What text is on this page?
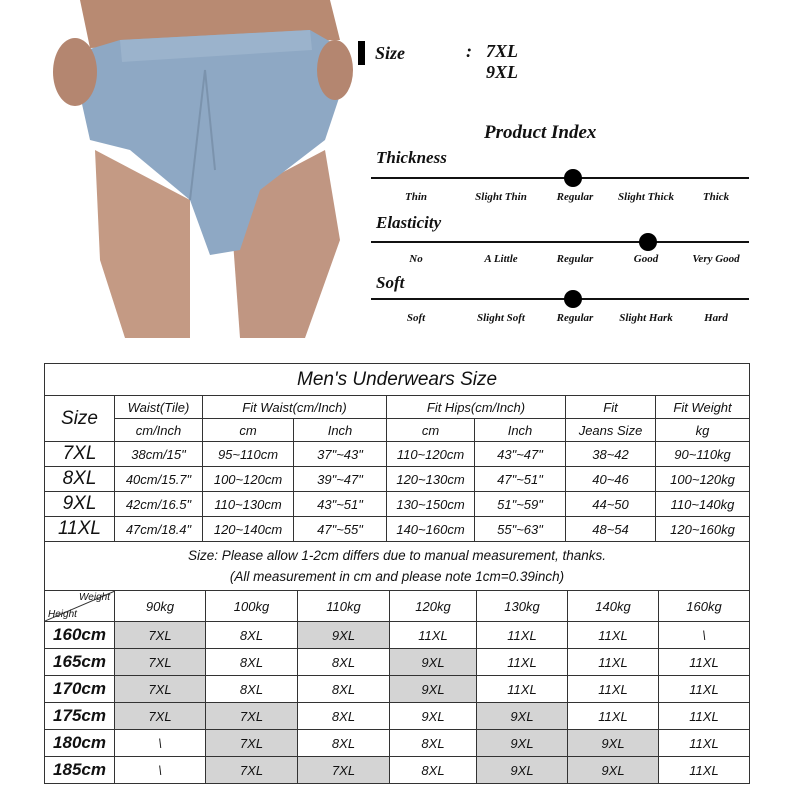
Size	: 7XL 9XL
Product Index
Thickness
Thin	Slight Thin	Regular	Slight Thick	Thick
Elasticity
No	A Little	Regular	Good	Very Good
Soft
Soft	Slight Soft	Regular	Slight Hark	Hard
Men's Underwears Size							
Size	Waist(Tile)	Fit Waist(cm/Inch)		Fit Hips(cm/Inch)		Fit	Fit Weight
	cm/Inch	cm	Inch	cm	Inch	Jeans Size	kg
7XL	38cm/15"	95~110cm	37"~43"	110~120cm	43"~47"	38~42	90~110kg
8XL	40cm/15.7"	100~120cm	39"~47"	120~130cm	47"~51"	40~46	100~120kg
9XL	42cm/16.5"	110~130cm	43"~51"	130~150cm	51"~59"	44~50	110~140kg
11XL	47cm/18.4"	120~140cm	47"~55"	140~160cm	55"~63"	48~54	120~160kg

Size: Please allow 1-2cm differs due to manual measurement, thanks.
(All measurement in cm and please note 1cm=0.39inch)							
Weight
Height	90kg	100kg	110kg	120kg	130kg	140kg	160kg
160cm	7XL	8XL	9XL	11XL	11XL	11XL	\
165cm	7XL	8XL	8XL	9XL	11XL	11XL	11XL
170cm	7XL	8XL	8XL	9XL	11XL	11XL	11XL
175cm	7XL	7XL	8XL	9XL	9XL	11XL	11XL
180cm	\	7XL	8XL	8XL	9XL	9XL	11XL
185cm	\	7XL	7XL	8XL	9XL	9XL	11XL
